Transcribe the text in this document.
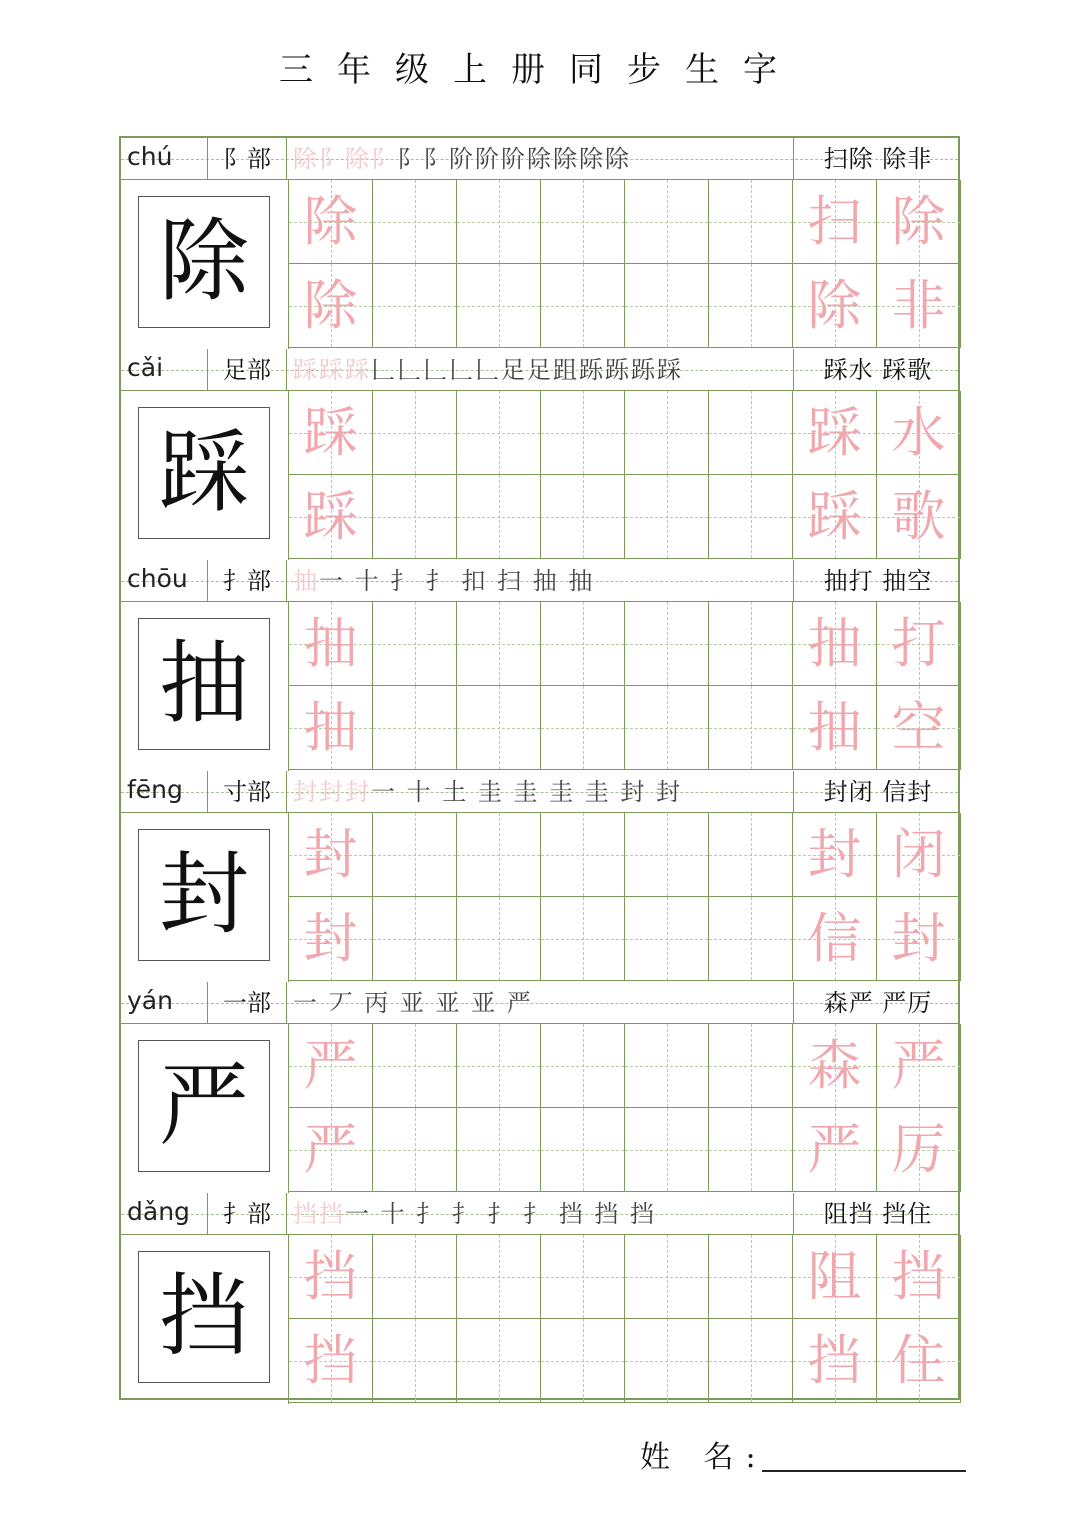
三年级上册同步生字
chú	阝部 除阝除阝阝阝阶阶阶除除除除	扫除 除非
除	除	扫 除
除	除 非
cǎi	足部 踩踩踩𠃊𠃊𠃊𠃊𠃊足足跙跞跞跞踩	踩水 踩歌
踩	踩	踩 水
踩	踩 歌
chōu	扌部 抽一 十 扌 扌 扣 扫 抽 抽	抽打 抽空
抽	抽	抽 打
抽	抽 空
fēng	寸部 封封封一 十 土 圭 圭 圭 圭 封 封	封闭 信封
封	封	封 闭
封	信 封
yán	一部 一 丆 丙 亚 亚 亚 严	森严 严厉
严	严	森 严
严	严 厉
dǎng	扌部 挡挡一 十 扌 扌 扌 扌 挡 挡 挡	阻挡 挡住
挡	挡	阻 挡
挡	挡 住
姓 名:
